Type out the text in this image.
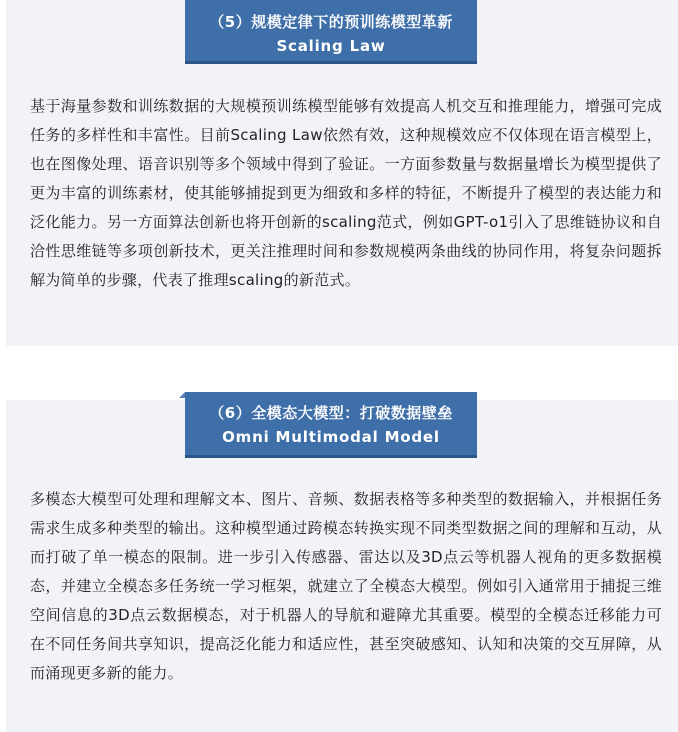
（5）规模定律下的预训练模型革新
Scaling Law

基于海量参数和训练数据的大规模预训练模型能够有效提高人机交互和推理能力，增强可完成任务的多样性和丰富性。目前Scaling Law依然有效，这种规模效应不仅体现在语言模型上，也在图像处理、语音识别等多个领域中得到了验证。一方面参数量与数据量增长为模型提供了更为丰富的训练素材，使其能够捕捉到更为细致和多样的特征，不断提升了模型的表达能力和泛化能力。另一方面算法创新也将开创新的scaling范式，例如GPT-o1引入了思维链协议和自洽性思维链等多项创新技术，更关注推理时间和参数规模两条曲线的协同作用，将复杂问题拆解为简单的步骤，代表了推理scaling的新范式。

（6）全模态大模型：打破数据壁垒
Omni Multimodal Model

多模态大模型可处理和理解文本、图片、音频、数据表格等多种类型的数据输入，并根据任务需求生成多种类型的输出。这种模型通过跨模态转换实现不同类型数据之间的理解和互动，从而打破了单一模态的限制。进一步引入传感器、雷达以及3D点云等机器人视角的更多数据模态，并建立全模态多任务统一学习框架，就建立了全模态大模型。例如引入通常用于捕捉三维空间信息的3D点云数据模态，对于机器人的导航和避障尤其重要。模型的全模态迁移能力可在不同任务间共享知识，提高泛化能力和适应性，甚至突破感知、认知和决策的交互屏障，从而涌现更多新的能力。
